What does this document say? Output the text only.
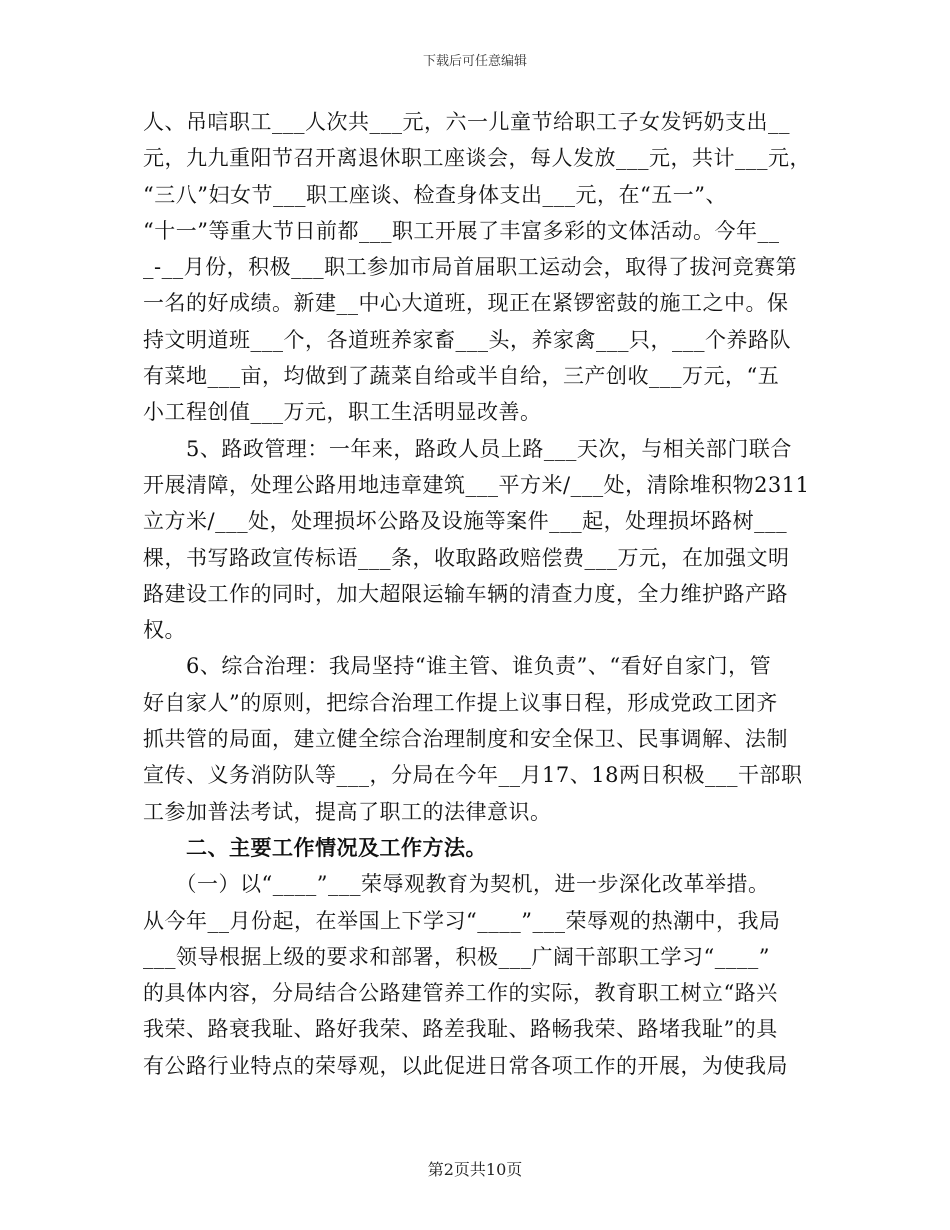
下载后可任意编辑
人、吊唁职工___人次共___元，六一儿童节给职工子女发钙奶支出__
元，九九重阳节召开离退休职工座谈会，每人发放___元，共计___元，
“三八”妇女节___职工座谈、检查身体支出___元，在“五一”、
“十一”等重大节日前都___职工开展了丰富多彩的文体活动。今年__
_-__月份，积极___职工参加市局首届职工运动会，取得了拔河竞赛第
一名的好成绩。新建__中心大道班，现正在紧锣密鼓的施工之中。保
持文明道班___个，各道班养家畜___头，养家禽___只，___个养路队
有菜地___亩，均做到了蔬菜自给或半自给，三产创收___万元，“五
小工程创值___万元，职工生活明显改善。
　　5、路政管理：一年来，路政人员上路___天次，与相关部门联合
开展清障，处理公路用地违章建筑___平方米/___处，清除堆积物2311
立方米/___处，处理损坏公路及设施等案件___起，处理损坏路树___
棵，书写路政宣传标语___条，收取路政赔偿费___万元，在加强文明
路建设工作的同时，加大超限运输车辆的清查力度，全力维护路产路
权。
　　6、综合治理：我局坚持“谁主管、谁负责”、“看好自家门，管
好自家人”的原则，把综合治理工作提上议事日程，形成党政工团齐
抓共管的局面，建立健全综合治理制度和安全保卫、民事调解、法制
宣传、义务消防队等___，分局在今年__月17、18两日积极___干部职
工参加普法考试，提高了职工的法律意识。
　　二、主要工作情况及工作方法。
　　（一）以“____”___荣辱观教育为契机，进一步深化改革举措。
从今年__月份起，在举国上下学习“____”___荣辱观的热潮中，我局
___领导根据上级的要求和部署，积极___广阔干部职工学习“____”
的具体内容，分局结合公路建管养工作的实际，教育职工树立“路兴
我荣、路衰我耻、路好我荣、路差我耻、路畅我荣、路堵我耻”的具
有公路行业特点的荣辱观，以此促进日常各项工作的开展，为使我局
第2页共10页
